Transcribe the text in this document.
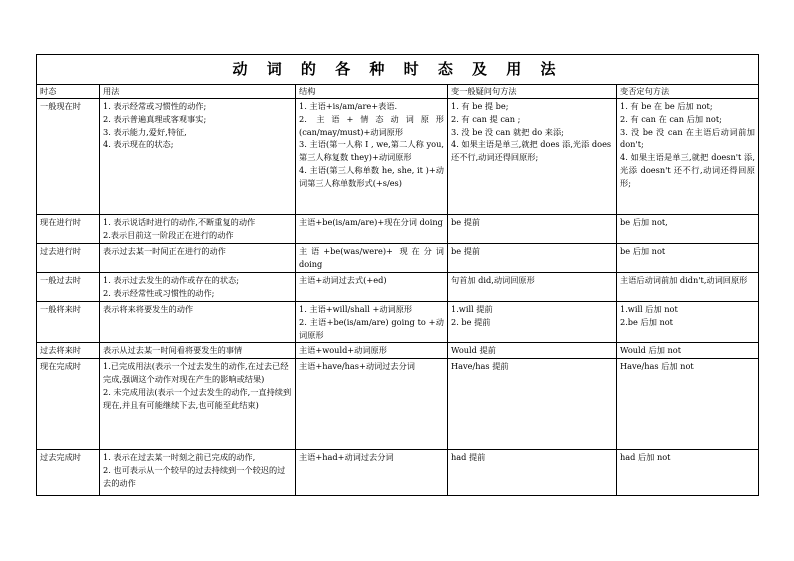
动 词 的 各 种 时 态 及 用 法				
时态	用法	结构	变一般疑问句方法	变否定句方法
一般现在时	1. 表示经常或习惯性的动作;
2. 表示普遍真理或客观事实;
3. 表示能力,爱好,特征,
4. 表示现在的状态;	1. 主语+is/am/are+表语.
2. 主语+情态动词原形(can/may/must)+动词原形
3. 主语(第一人称 I , we,第二人称 you,第三人称复数 they)+动词原形
4. 主语(第三人称单数 he, she, it )+动词第三人称单数形式(+s/es)	1. 有 be 提 be;
2. 有 can 提 can ;
3. 没 be 没 can 就把 do 来添;
4. 如果主语是单三,就把 does 添,光添 does 还不行,动词还得回原形;	1. 有 be 在 be 后加 not;
2. 有 can 在 can 后加 not;
3. 没 be 没 can 在主语后动词前加 don't;
4. 如果主语是单三,就把 doesn't 添,光添 doesn't 还不行,动词还得回原形;

现在进行时	1. 表示说话时进行的动作,不断重复的动作
2.表示目前这一阶段正在进行的动作	主语+be(is/am/are)+现在分词 doing	be 提前	be 后加 not,

过去进行时	表示过去某一时间正在进行的动作	主语+be(was/were)+ 现在分词 doing	be 提前	be 后加 not

一般过去时	1. 表示过去发生的动作或存在的状态;
2. 表示经常性或习惯性的动作;	主语+动词过去式(+ed)	句首加 did,动词回原形	主语后动词前加 didn't,动词回原形

一般将来时	表示将来将要发生的动作	1. 主语+will/shall +动词原形
2. 主语+be(is/am/are) going to +动词原形	1.will 提前
2. be 提前	1.will 后加 not
2.be 后加 not

过去将来时	表示从过去某一时间看将要发生的事情	主语+would+动词原形	Would 提前	Would 后加 not

现在完成时	1.已完成用法(表示一个过去发生的动作,在过去已经完成,强调这个动作对现在产生的影响或结果)
2. 未完成用法(表示一个过去发生的动作,一直持续到现在,并且有可能继续下去,也可能至此结束)	主语+have/has+动词过去分词	Have/has 提前	Have/has 后加 not

过去完成时	1. 表示在过去某一时刻之前已完成的动作,
2. 也可表示从一个较早的过去持续到一个较迟的过去的动作	主语+had+动词过去分词	had 提前	had 后加 not
